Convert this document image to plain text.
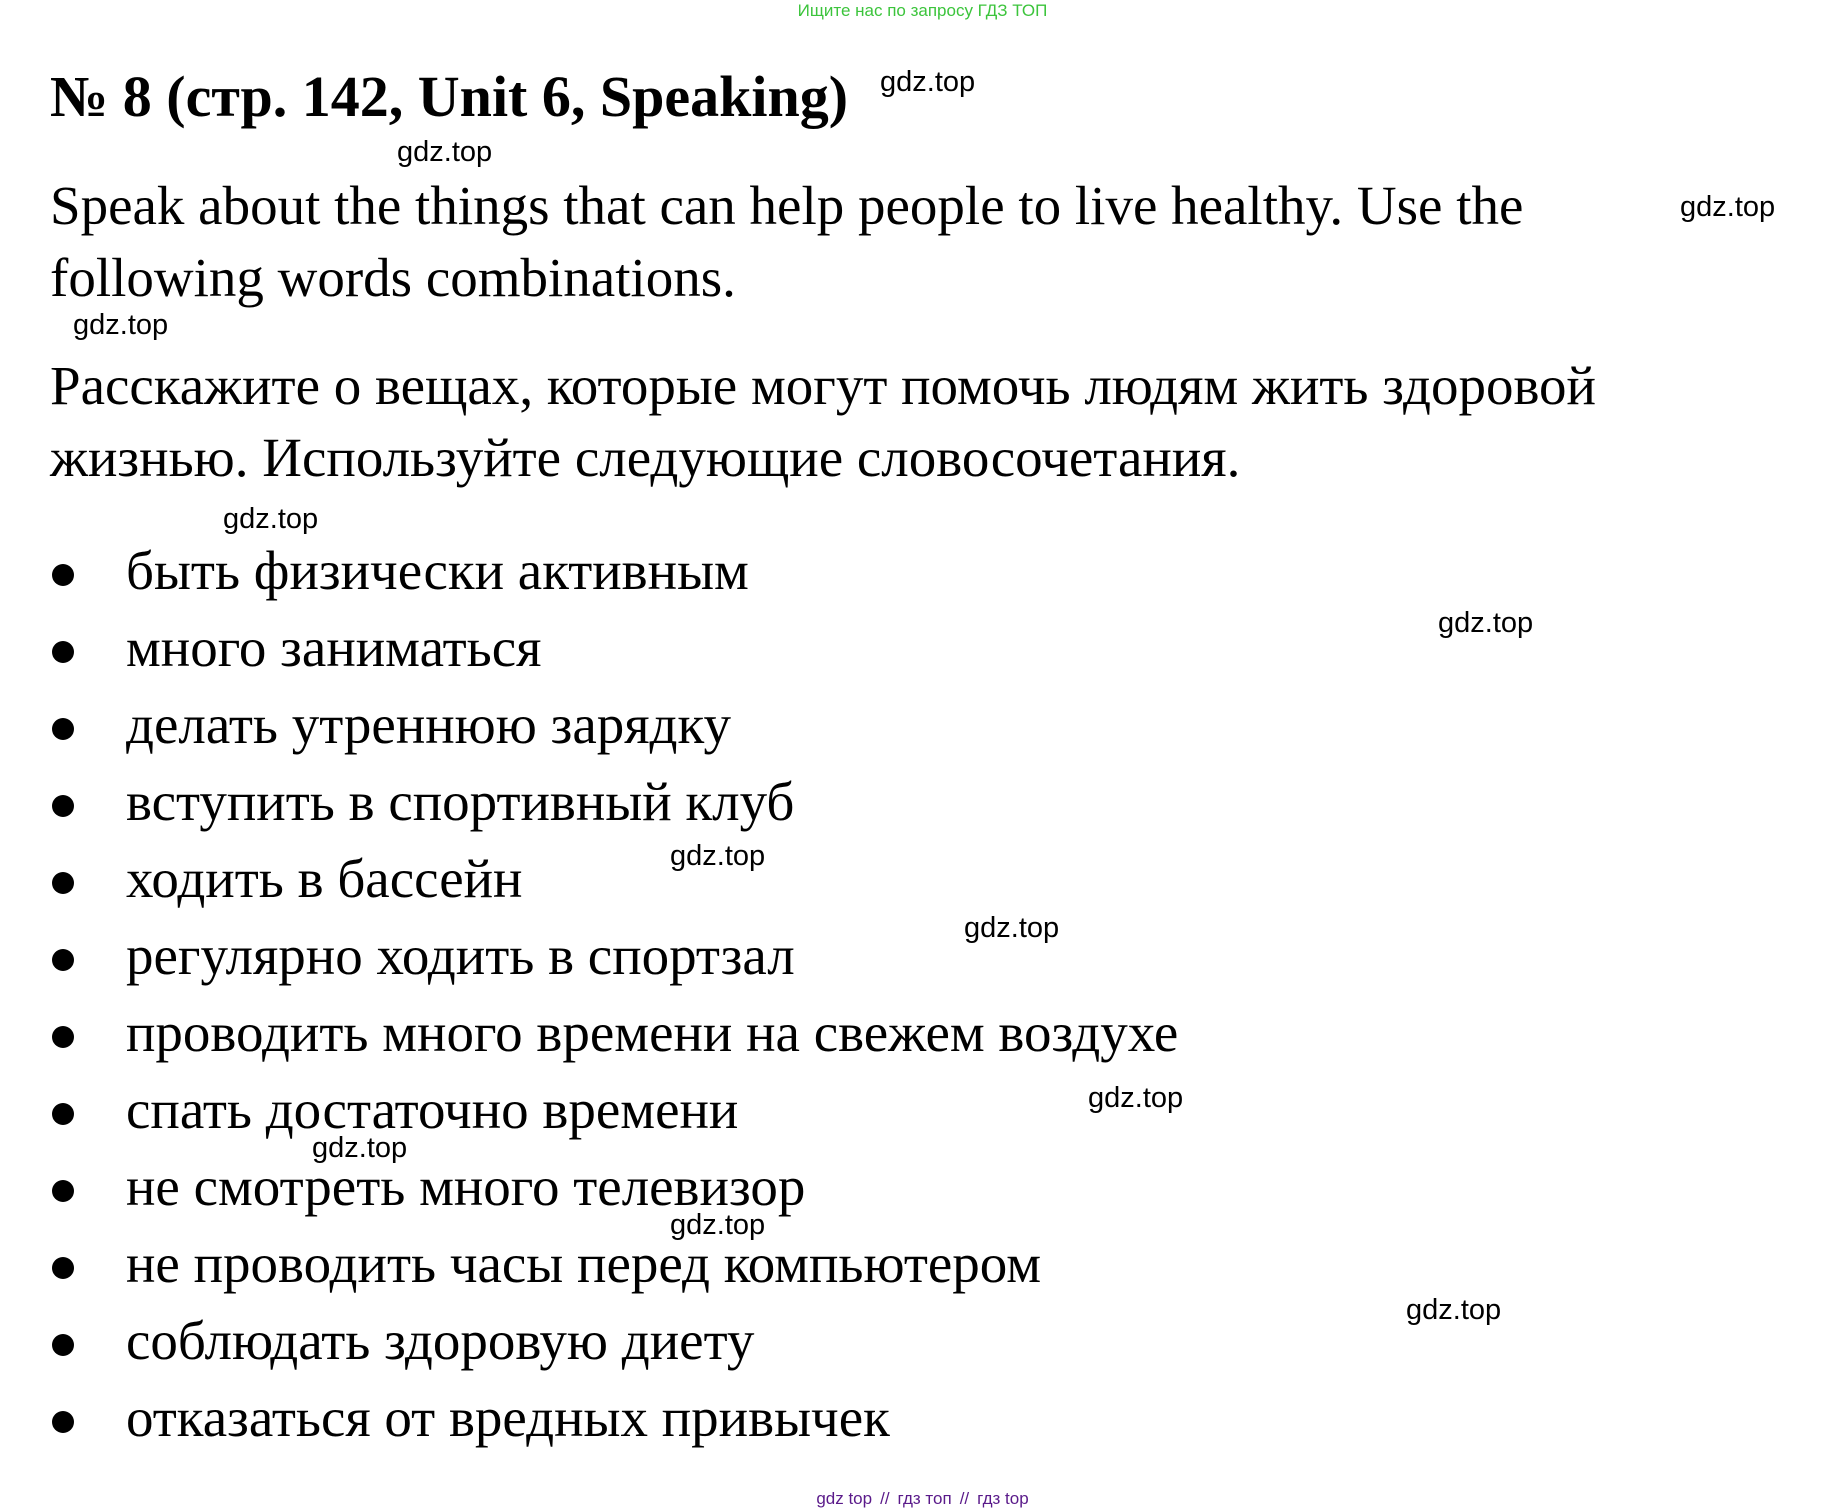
Ищите нас по запросу ГДЗ ТОП
№ 8 (стр. 142, Unit 6, Speaking)
Speak about the things that can help people to live healthy. Use the
following words combinations.
Расскажите о вещах, которые могут помочь людям жить здоровой
жизнью. Используйте следующие словосочетания.
быть физически активным
много заниматься
делать утреннюю зарядку
вступить в спортивный клуб
ходить в бассейн
регулярно ходить в спортзал
проводить много времени на свежем воздухе
спать достаточно времени
не смотреть много телевизор
не проводить часы перед компьютером
соблюдать здоровую диету
отказаться от вредных привычек
gdz.top
gdz.top
gdz.top
gdz.top
gdz.top
gdz.top
gdz.top
gdz.top
gdz.top
gdz.top
gdz.top
gdz.top
gdz top // гдз топ // гдз top
